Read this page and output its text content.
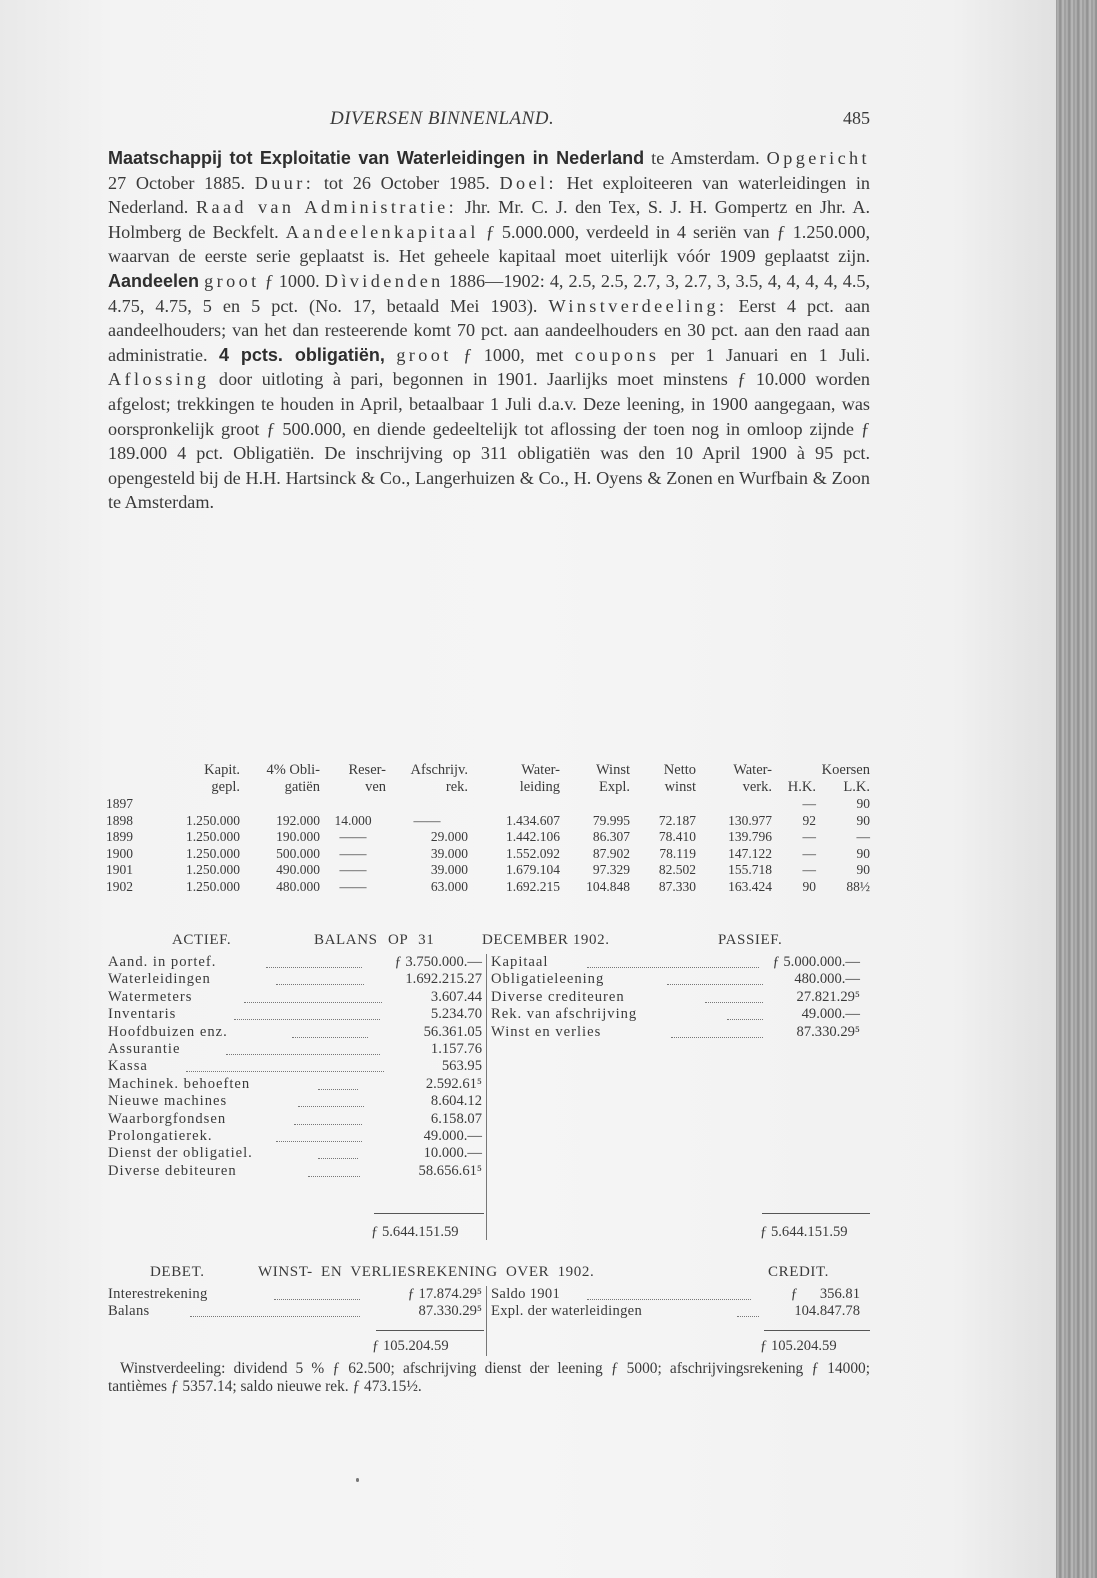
DIVERSEN BINNENLAND.	485

Maatschappij tot Exploitatie van Waterleidingen in Nederland te Amsterdam. Opgericht 27 October 1885. Duur: tot 26 October 1985. Doel: Het exploiteeren van waterleidingen in Nederland. Raad van Administratie: Jhr. Mr. C. J. den Tex, S. J. H. Gompertz en Jhr. A. Holmberg de Beckfelt. Aandeelenkapitaal ƒ 5.000.000, verdeeld in 4 seriën van ƒ 1.250.000, waarvan de eerste serie geplaatst is. Het geheele kapitaal moet uiterlijk vóór 1909 geplaatst zijn. Aandeelen groot ƒ 1000. Dìvidenden 1886—1902: 4, 2.5, 2.5, 2.7, 3, 2.7, 3, 3.5, 4, 4, 4, 4, 4.5, 4.75, 4.75, 5 en 5 pct. (No. 17, betaald Mei 1903). Winstverdeeling: Eerst 4 pct. aan aandeelhouders; van het dan resteerende komt 70 pct. aan aandeelhouders en 30 pct. aan den raad aan administratie. 4 pcts. obligatiën, groot ƒ 1000, met coupons per 1 Januari en 1 Juli. Aflossing door uitloting à pari, begonnen in 1901. Jaarlijks moet minstens ƒ 10.000 worden afgelost; trekkingen te houden in April, betaalbaar 1 Juli d.a.v. Deze leening, in 1900 aangegaan, was oorspronkelijk groot ƒ 500.000, en diende gedeeltelijk tot aflossing der toen nog in omloop zijnde ƒ 189.000 4 pct. Obligatiën. De inschrijving op 311 obligatiën was den 10 April 1900 à 95 pct. opengesteld bij de H.H. Hartsinck & Co., Langerhuizen & Co., H. Oyens & Zonen en Wurfbain & Zoon te Amsterdam.

	Kapit.	4% Obli-	Reser-	Afschrijv.	Water-	Winst	Netto	Water-	Koersen	
	gepl.	gatiën	ven	rek.	leiding	Expl.	winst	verk.	H.K.	L.K.
1897									—	90
1898	1.250.000	192.000	14.000	——	1.434.607	79.995	72.187	130.977	92	90
1899	1.250.000	190.000	——	29.000	1.442.106	86.307	78.410	139.796	—	—
1900	1.250.000	500.000	——	39.000	1.552.092	87.902	78.119	147.122	—	90
1901	1.250.000	490.000	——	39.000	1.679.104	97.329	82.502	155.718	—	90
1902	1.250.000	480.000	——	63.000	1.692.215	104.848	87.330	163.424	90	88½
ACTIEF.	BALANS OP 31	DECEMBER 1902.	PASSIEF.
Aand. in portef.	ƒ 3.750.000.—
Waterleidingen	1.692.215.27
Watermeters	3.607.44
Inventaris	5.234.70
Hoofdbuizen enz.	56.361.05
Assurantie	1.157.76
Kassa	563.95
Machinek. behoeften	2.592.61⁵
Nieuwe machines	8.604.12
Waarborgfondsen	6.158.07
Prolongatierek.	49.000.—
Dienst der obligatiel.	10.000.—
Diverse debiteuren	58.656.61⁵
Kapitaal	ƒ 5.000.000.—
Obligatieleening	480.000.—
Diverse crediteuren	27.821.29⁵
Rek. van afschrijving	49.000.—
Winst en verlies	87.330.29⁵
ƒ 5.644.151.59	ƒ 5.644.151.59
DEBET.	WINST- EN VERLIESREKENING OVER 1902.	CREDIT.
Interestrekening	ƒ 17.874.29⁵
Balans	87.330.29⁵
Saldo 1901	ƒ      356.81
Expl. der waterleidingen	104.847.78
ƒ 105.204.59	ƒ 105.204.59

Winstverdeeling: dividend 5 % ƒ 62.500; afschrijving dienst der leening ƒ 5000; afschrijvingsrekening ƒ 14000; tantièmes ƒ 5357.14; saldo nieuwe rek. ƒ 473.15½.
